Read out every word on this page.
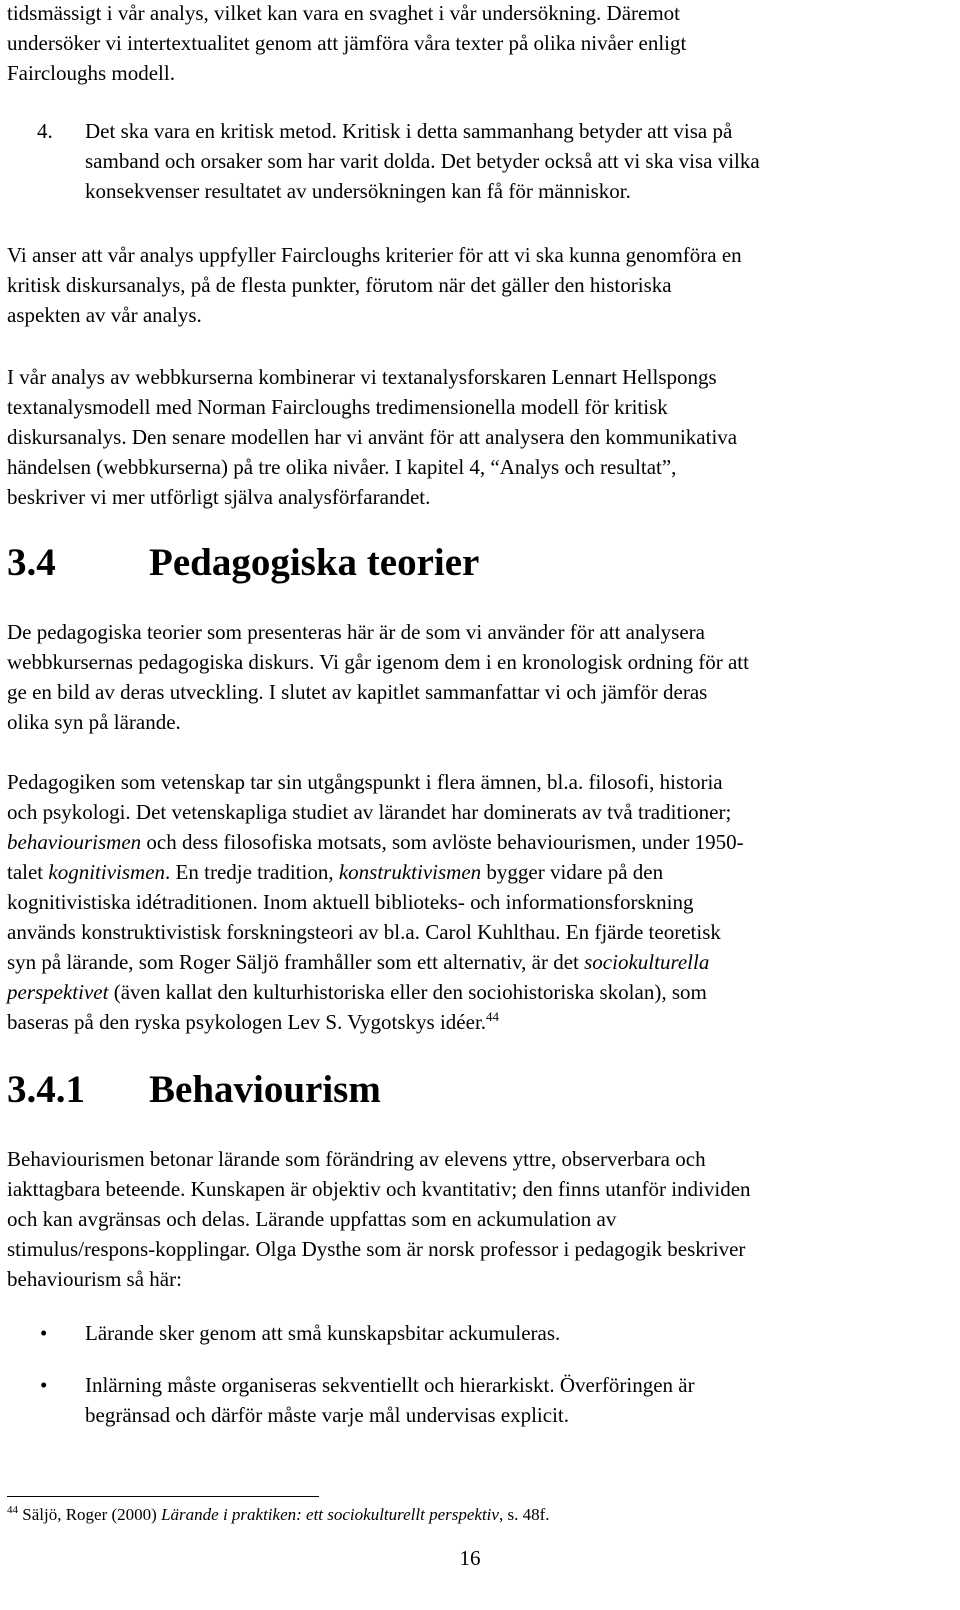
tidsmässigt i vår analys, vilket kan vara en svaghet i vår undersökning. Däremot
undersöker vi intertextualitet genom att jämföra våra texter på olika nivåer enligt
Faircloughs modell.

4.	Det ska vara en kritisk metod. Kritisk i detta sammanhang betyder att visa på
samband och orsaker som har varit dolda. Det betyder också att vi ska visa vilka
konsekvenser resultatet av undersökningen kan få för människor.

Vi anser att vår analys uppfyller Faircloughs kriterier för att vi ska kunna genomföra en
kritisk diskursanalys, på de flesta punkter, förutom när det gäller den historiska
aspekten av vår analys.

I vår analys av webbkurserna kombinerar vi textanalysforskaren Lennart Hellspongs
textanalysmodell med Norman Faircloughs tredimensionella modell för kritisk
diskursanalys. Den senare modellen har vi använt för att analysera den kommunikativa
händelsen (webbkurserna) på tre olika nivåer. I kapitel 4, “Analys och resultat”,
beskriver vi mer utförligt själva analysförfarandet.

3.4 Pedagogiska teorier

De pedagogiska teorier som presenteras här är de som vi använder för att analysera
webbkursernas pedagogiska diskurs. Vi går igenom dem i en kronologisk ordning för att
ge en bild av deras utveckling. I slutet av kapitlet sammanfattar vi och jämför deras
olika syn på lärande.

Pedagogiken som vetenskap tar sin utgångspunkt i flera ämnen, bl.a. filosofi, historia
och psykologi. Det vetenskapliga studiet av lärandet har dominerats av två traditioner;
behaviourismen och dess filosofiska motsats, som avlöste behaviourismen, under 1950-
talet kognitivismen. En tredje tradition, konstruktivismen bygger vidare på den
kognitivistiska idétraditionen. Inom aktuell biblioteks- och informationsforskning
används konstruktivistisk forskningsteori av bl.a. Carol Kuhlthau. En fjärde teoretisk
syn på lärande, som Roger Säljö framhåller som ett alternativ, är det sociokulturella
perspektivet (även kallat den kulturhistoriska eller den sociohistoriska skolan), som
baseras på den ryska psykologen Lev S. Vygotskys idéer.$^{44}$

3.4.1 Behaviourism

Behaviourismen betonar lärande som förändring av elevens yttre, observerbara och
iakttagbara beteende. Kunskapen är objektiv och kvantitativ; den finns utanför individen
och kan avgränsas och delas. Lärande uppfattas som en ackumulation av
stimulus/respons-kopplingar. Olga Dysthe som är norsk professor i pedagogik beskriver
behaviourism så här:

•	Lärande sker genom att små kunskapsbitar ackumuleras.
•	Inlärning måste organiseras sekventiellt och hierarkiskt. Överföringen är
begränsad och därför måste varje mål undervisas explicit.
$^{44}$ Säljö, Roger (2000) Lärande i praktiken: ett sociokulturellt perspektiv, s. 48f.
16
